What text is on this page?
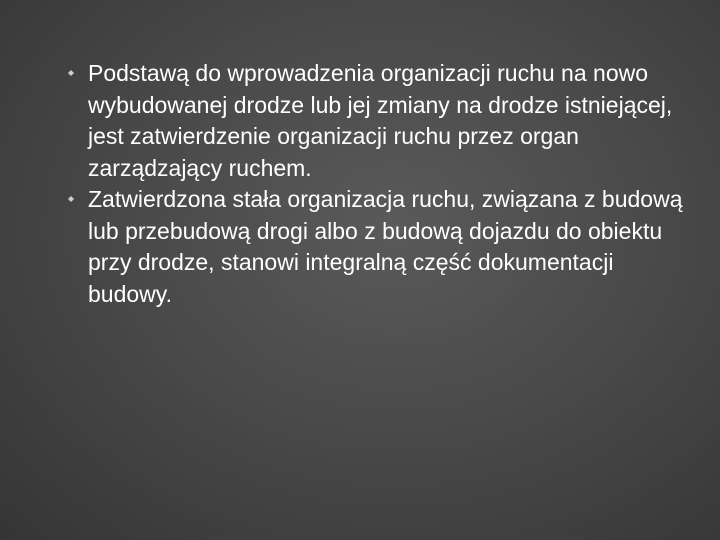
Podstawą do wprowadzenia organizacji ruchu na nowo wybudowanej drodze lub jej zmiany na drodze istniejącej, jest zatwierdzenie organizacji ruchu przez organ zarządzający ruchem.
Zatwierdzona stała organizacja ruchu, związana z budową lub przebudową drogi albo z budową dojazdu do obiektu przy drodze, stanowi integralną część dokumentacji budowy.
